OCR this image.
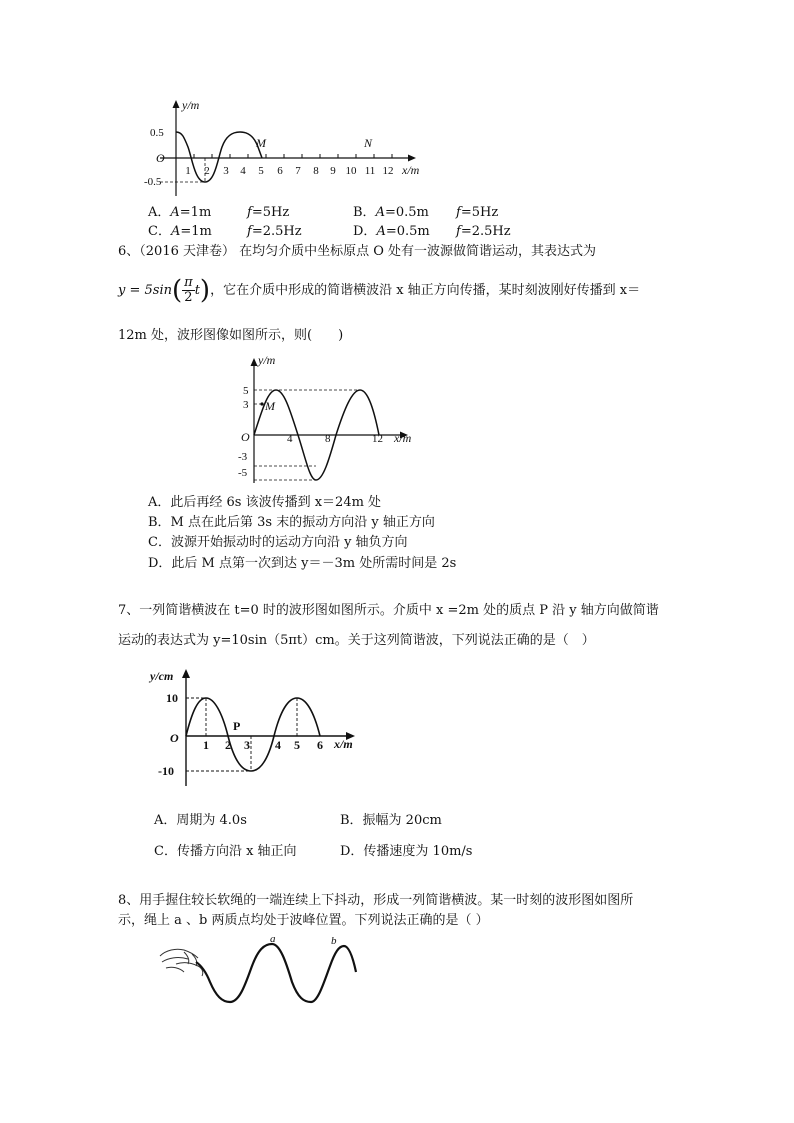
y/m
O
0.5
-0.5
1 2 3 4 5 6 7 8 9 10 11 12
M	N
x/m
A．A=1m	f=5Hz	B．A=0.5m f=5Hz
C．A=1m	f=2.5Hz	D．A=0.5m f=2.5Hz
6、（2016 天津卷） 在均匀介质中坐标原点 O 处有一波源做简谐运动，其表达式为
$y = 5\sin( \frac{\pi}{2} t)$，它在介质中形成的简谐横波沿 x 轴正方向传播，某时刻波刚好传播到 x＝
12m 处，波形图像如图所示，则(　　)
y/m
5
3
O
-3
-5
M
4	8	12 x/m
A．此后再经 6s 该波传播到 x＝24m 处
B．M 点在此后第 3s 末的振动方向沿 y 轴正方向
C．波源开始振动时的运动方向沿 y 轴负方向
D．此后 M 点第一次到达 y＝－3m 处所需时间是 2s
7、一列简谐横波在 t=0 时的波形图如图所示。介质中 x =2m 处的质点 P 沿 y 轴方向做简谐
运动的表达式为 y=10sin（5πt）cm。关于这列简谐波，下列说法正确的是（　）
y/cm
10
O
-10
P
1 2 3 4 5 6 x/m
A．周期为 4.0s	B．振幅为 20cm
C．传播方向沿 x 轴正向	D．传播速度为 10m/s
8、用手握住较长软绳的一端连续上下抖动，形成一列简谐横波。某一时刻的波形图如图所
示，绳上 a 、b 两质点均处于波峰位置。下列说法正确的是（ ）
a	b
